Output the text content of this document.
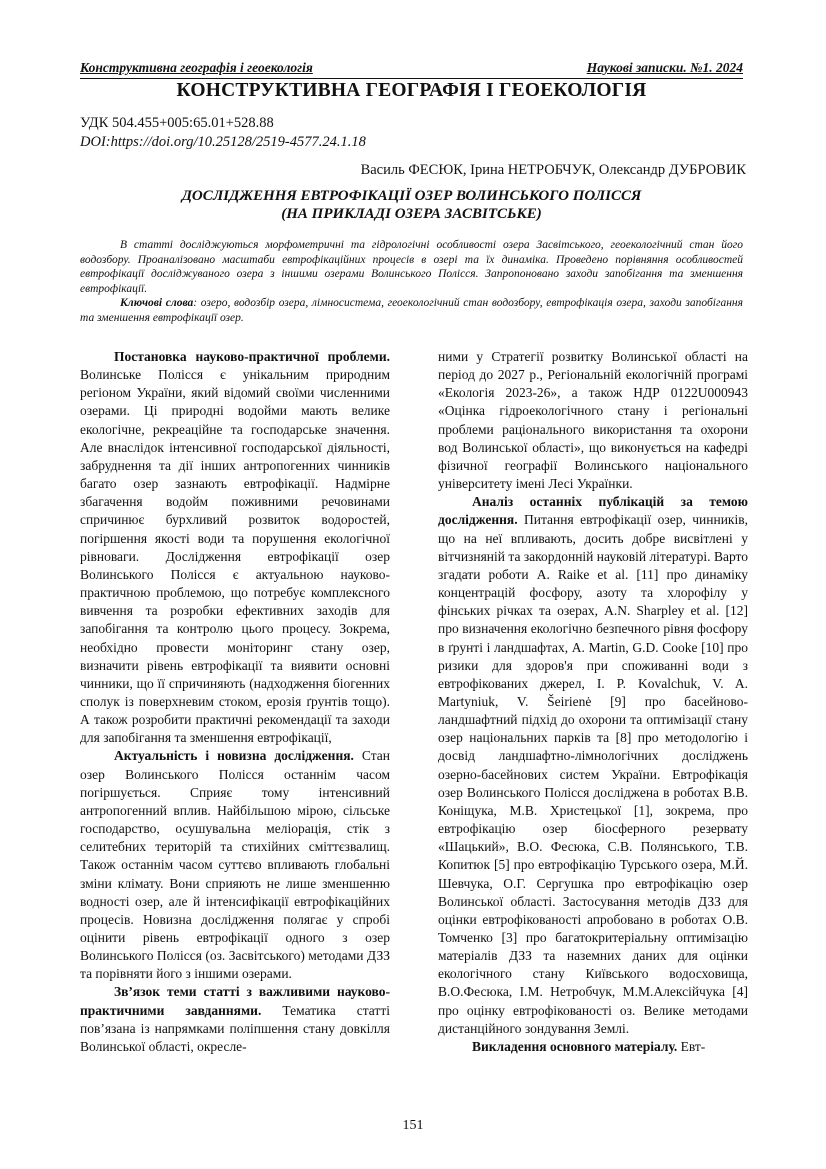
Конструктивна географія і геоекологія	Наукові записки. №1. 2024
КОНСТРУКТИВНА ГЕОГРАФІЯ І ГЕОЕКОЛОГІЯ
УДК 504.455+005:65.01+528.88
DOI:https://doi.org/10.25128/2519-4577.24.1.18
Василь ФЕСЮК, Ірина НЕТРОБЧУК, Олександр ДУБРОВИК
ДОСЛІДЖЕННЯ ЕВТРОФІКАЦІЇ ОЗЕР ВОЛИНСЬКОГО ПОЛІССЯ
(НА ПРИКЛАДІ ОЗЕРА ЗАСВІТСЬКЕ)

В статті досліджуються морфометричні та гідрологічні особливості озера Засвітського, геоекологічний стан його водозбору. Проаналізовано масштаби евтрофікаційних процесів в озері та їх динаміка. Проведено порівняння особливостей евтрофікації досліджуваного озера з іншими озерами Волинського Полісся. Запропоновано заходи запобігання та зменшення евтрофікації.

Ключові слова: озеро, водозбір озера, лімносистема, геоекологічний стан водозбору, евтрофікація озера, заходи запобігання та зменшення евтрофікації озер.

Постановка науково-практичної проблеми. Волинське Полісся є унікальним природним регіоном України, який відомий своїми численними озерами. Ці природні водойми мають велике екологічне, рекреаційне та господарське значення. Але внаслідок інтенсивної господарської діяльності, забруднення та дії інших антропогенних чинників багато озер зазнають евтрофікації. Надмірне збагачення водойм поживними речовинами спричинює бурхливий розвиток водоростей, погіршення якості води та порушення екологічної рівноваги. Дослідження евтрофікації озер Волинського Полісся є актуальною науково-практичною проблемою, що потребує комплексного вивчення та розробки ефективних заходів для запобігання та контролю цього процесу. Зокрема, необхідно провести моніторинг стану озер, визначити рівень евтрофікації та виявити основні чинники, що її спричиняють (надходження біогенних сполук із поверхневим стоком, ерозія ґрунтів тощо). А також розробити практичні рекомендації та заходи для запобігання та зменшення евтрофікації,

Актуальність і новизна дослідження. Стан озер Волинського Полісся останнім часом погіршується. Сприяє тому інтенсивний антропогенний вплив. Найбільшою мірою, сільське господарство, осушувальна меліорація, стік з селитебних територій та стихійних сміттєзвалищ. Також останнім часом суттєво впливають глобальні зміни клімату. Вони сприяють не лише зменшенню водності озер, але й інтенсифікації евтрофікаційних процесів. Новизна дослідження полягає у спробі оцінити рівень евтрофікації одного з озер Волинського Полісся (оз. Засвітського) методами ДЗЗ та порівняти його з іншими озерами.

Зв’язок теми статті з важливими науково-практичними завданнями. Тематика статті пов’язана із напрямками поліпшення стану довкілля Волинської області, окресле-

ними у Стратегії розвитку Волинської області на період до 2027 р., Регіональній екологічній програмі «Екологія 2023-26», а також НДР 0122U000943 «Оцінка гідроекологічного стану і регіональні проблеми раціонального використання та охорони вод Волинської області», що виконується на кафедрі фізичної географії Волинського національного університету імені Лесі Українки.

Аналіз останніх публікацій за темою дослідження. Питання евтрофікації озер, чинників, що на неї впливають, досить добре висвітлені у вітчизняній та закордонній науковій літературі. Варто згадати роботи A. Raike et al. [11] про динаміку концентрацій фосфору, азоту та хлорофілу у фінських річках та озерах, A.N. Sharpley et al. [12] про визначення екологічно безпечного рівня фосфору в ґрунті і ландшафтах, A. Martin, G.D. Cooke [10] про ризики для здоров'я при споживанні води з евтрофікованих джерел, I. P. Kovalchuk, V. A. Martyniuk, V. Šeirienė [9] про басейново-ландшафтний підхід до охорони та оптимізації стану озер національних парків та [8] про методологію і досвід ландшафтно-лімнологічних досліджень озерно-басейнових систем України. Евтрофікація озер Волинського Полісся досліджена в роботах В.В. Коніщука, М.В. Христецької [1], зокрема, про евтрофікацію озер біосферного резервату «Шацький», В.О. Фесюка, С.В. Полянського, Т.В. Копитюк [5] про евтрофікацію Турського озера, М.Й. Шевчука, О.Г. Сергушка про евтрофікацію озер Волинської області. Застосування методів ДЗЗ для оцінки евтрофікованості апробовано в роботах О.В. Томченко [3] про багатокритеріальну оптимізацію матеріалів ДЗЗ та наземних даних для оцінки екологічного стану Київського водосховища, В.О.Фесюка, І.М. Нетробчук, М.М.Алексійчука [4] про оцінку евтрофікованості оз. Велике методами дистанційного зондування Землі.

Викладення основного матеріалу. Евт-

151
